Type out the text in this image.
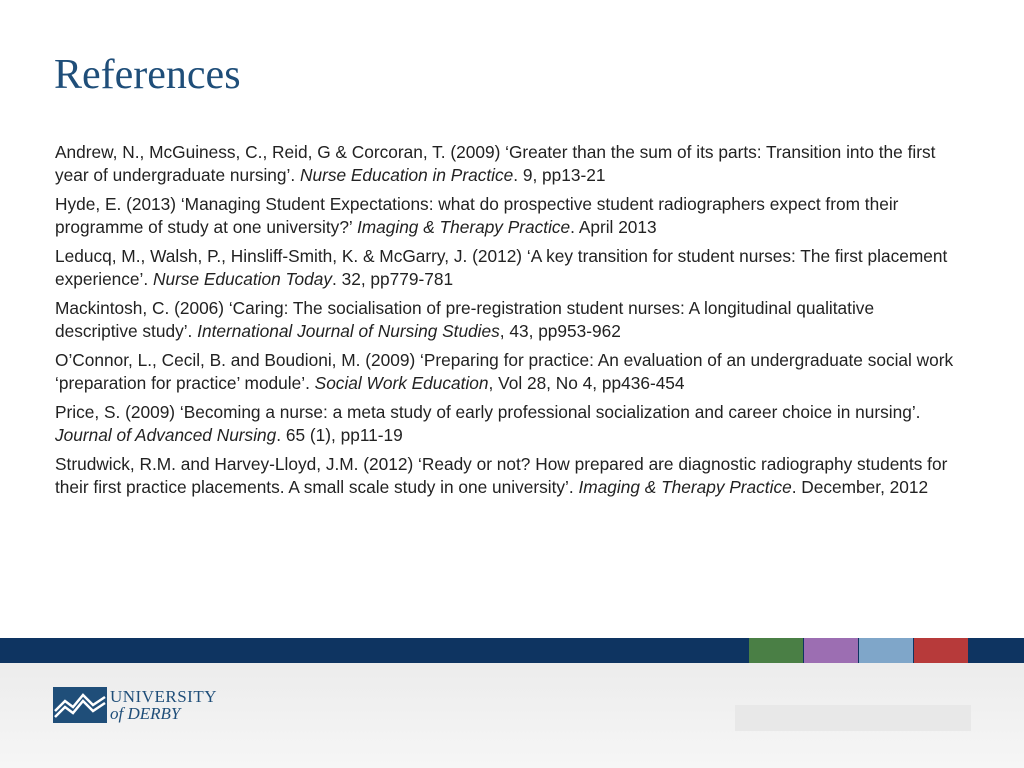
References

Andrew, N., McGuiness, C., Reid, G & Corcoran, T. (2009) ‘Greater than the sum of its parts: Transition into the first year of undergraduate nursing’. Nurse Education in Practice. 9, pp13-21

Hyde, E. (2013) ‘Managing Student Expectations: what do prospective student radiographers expect from their programme of study at one university?’ Imaging & Therapy Practice. April 2013

Leducq, M., Walsh, P., Hinsliff-Smith, K. & McGarry, J. (2012) ‘A key transition for student nurses: The first placement experience’. Nurse Education Today. 32, pp779-781

Mackintosh, C. (2006) ‘Caring: The socialisation of pre-registration student nurses: A longitudinal qualitative descriptive study’. International Journal of Nursing Studies, 43, pp953-962

O’Connor, L., Cecil, B. and Boudioni, M. (2009) ‘Preparing for practice: An evaluation of an undergraduate social work ‘preparation for practice’ module’. Social Work Education, Vol 28, No 4, pp436-454

Price, S. (2009) ‘Becoming a nurse: a meta study of early professional socialization and career choice in nursing’. Journal of Advanced Nursing. 65 (1), pp11-19

Strudwick, R.M. and Harvey-Lloyd, J.M. (2012) ‘Ready or not? How prepared are diagnostic radiography students for their first practice placements. A small scale study in one university’. Imaging & Therapy Practice. December, 2012

UNIVERSITY
of DERBY
